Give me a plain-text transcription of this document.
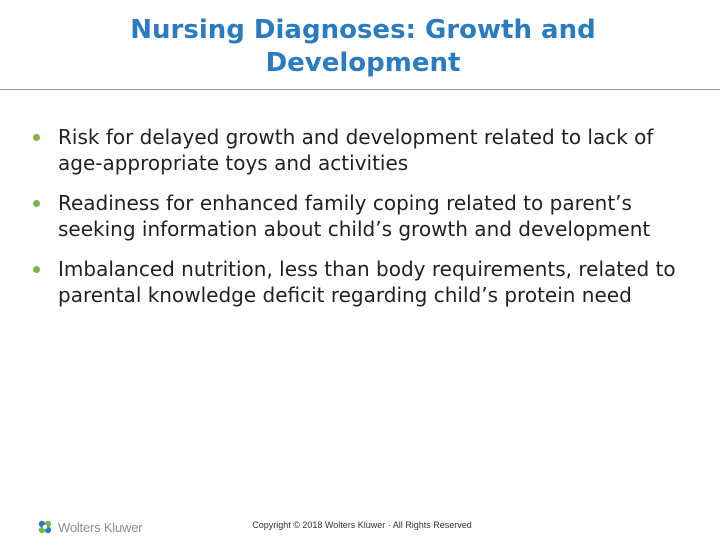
Nursing Diagnoses: Growth and Development
Risk for delayed growth and development related to lack of age-appropriate toys and activities
Readiness for enhanced family coping related to parent’s seeking information about child’s growth and development
Imbalanced nutrition, less than body requirements, related to parental knowledge deficit regarding child’s protein need
Wolters Kluwer	Copyright © 2018 Wolters Kluwer · All Rights Reserved
